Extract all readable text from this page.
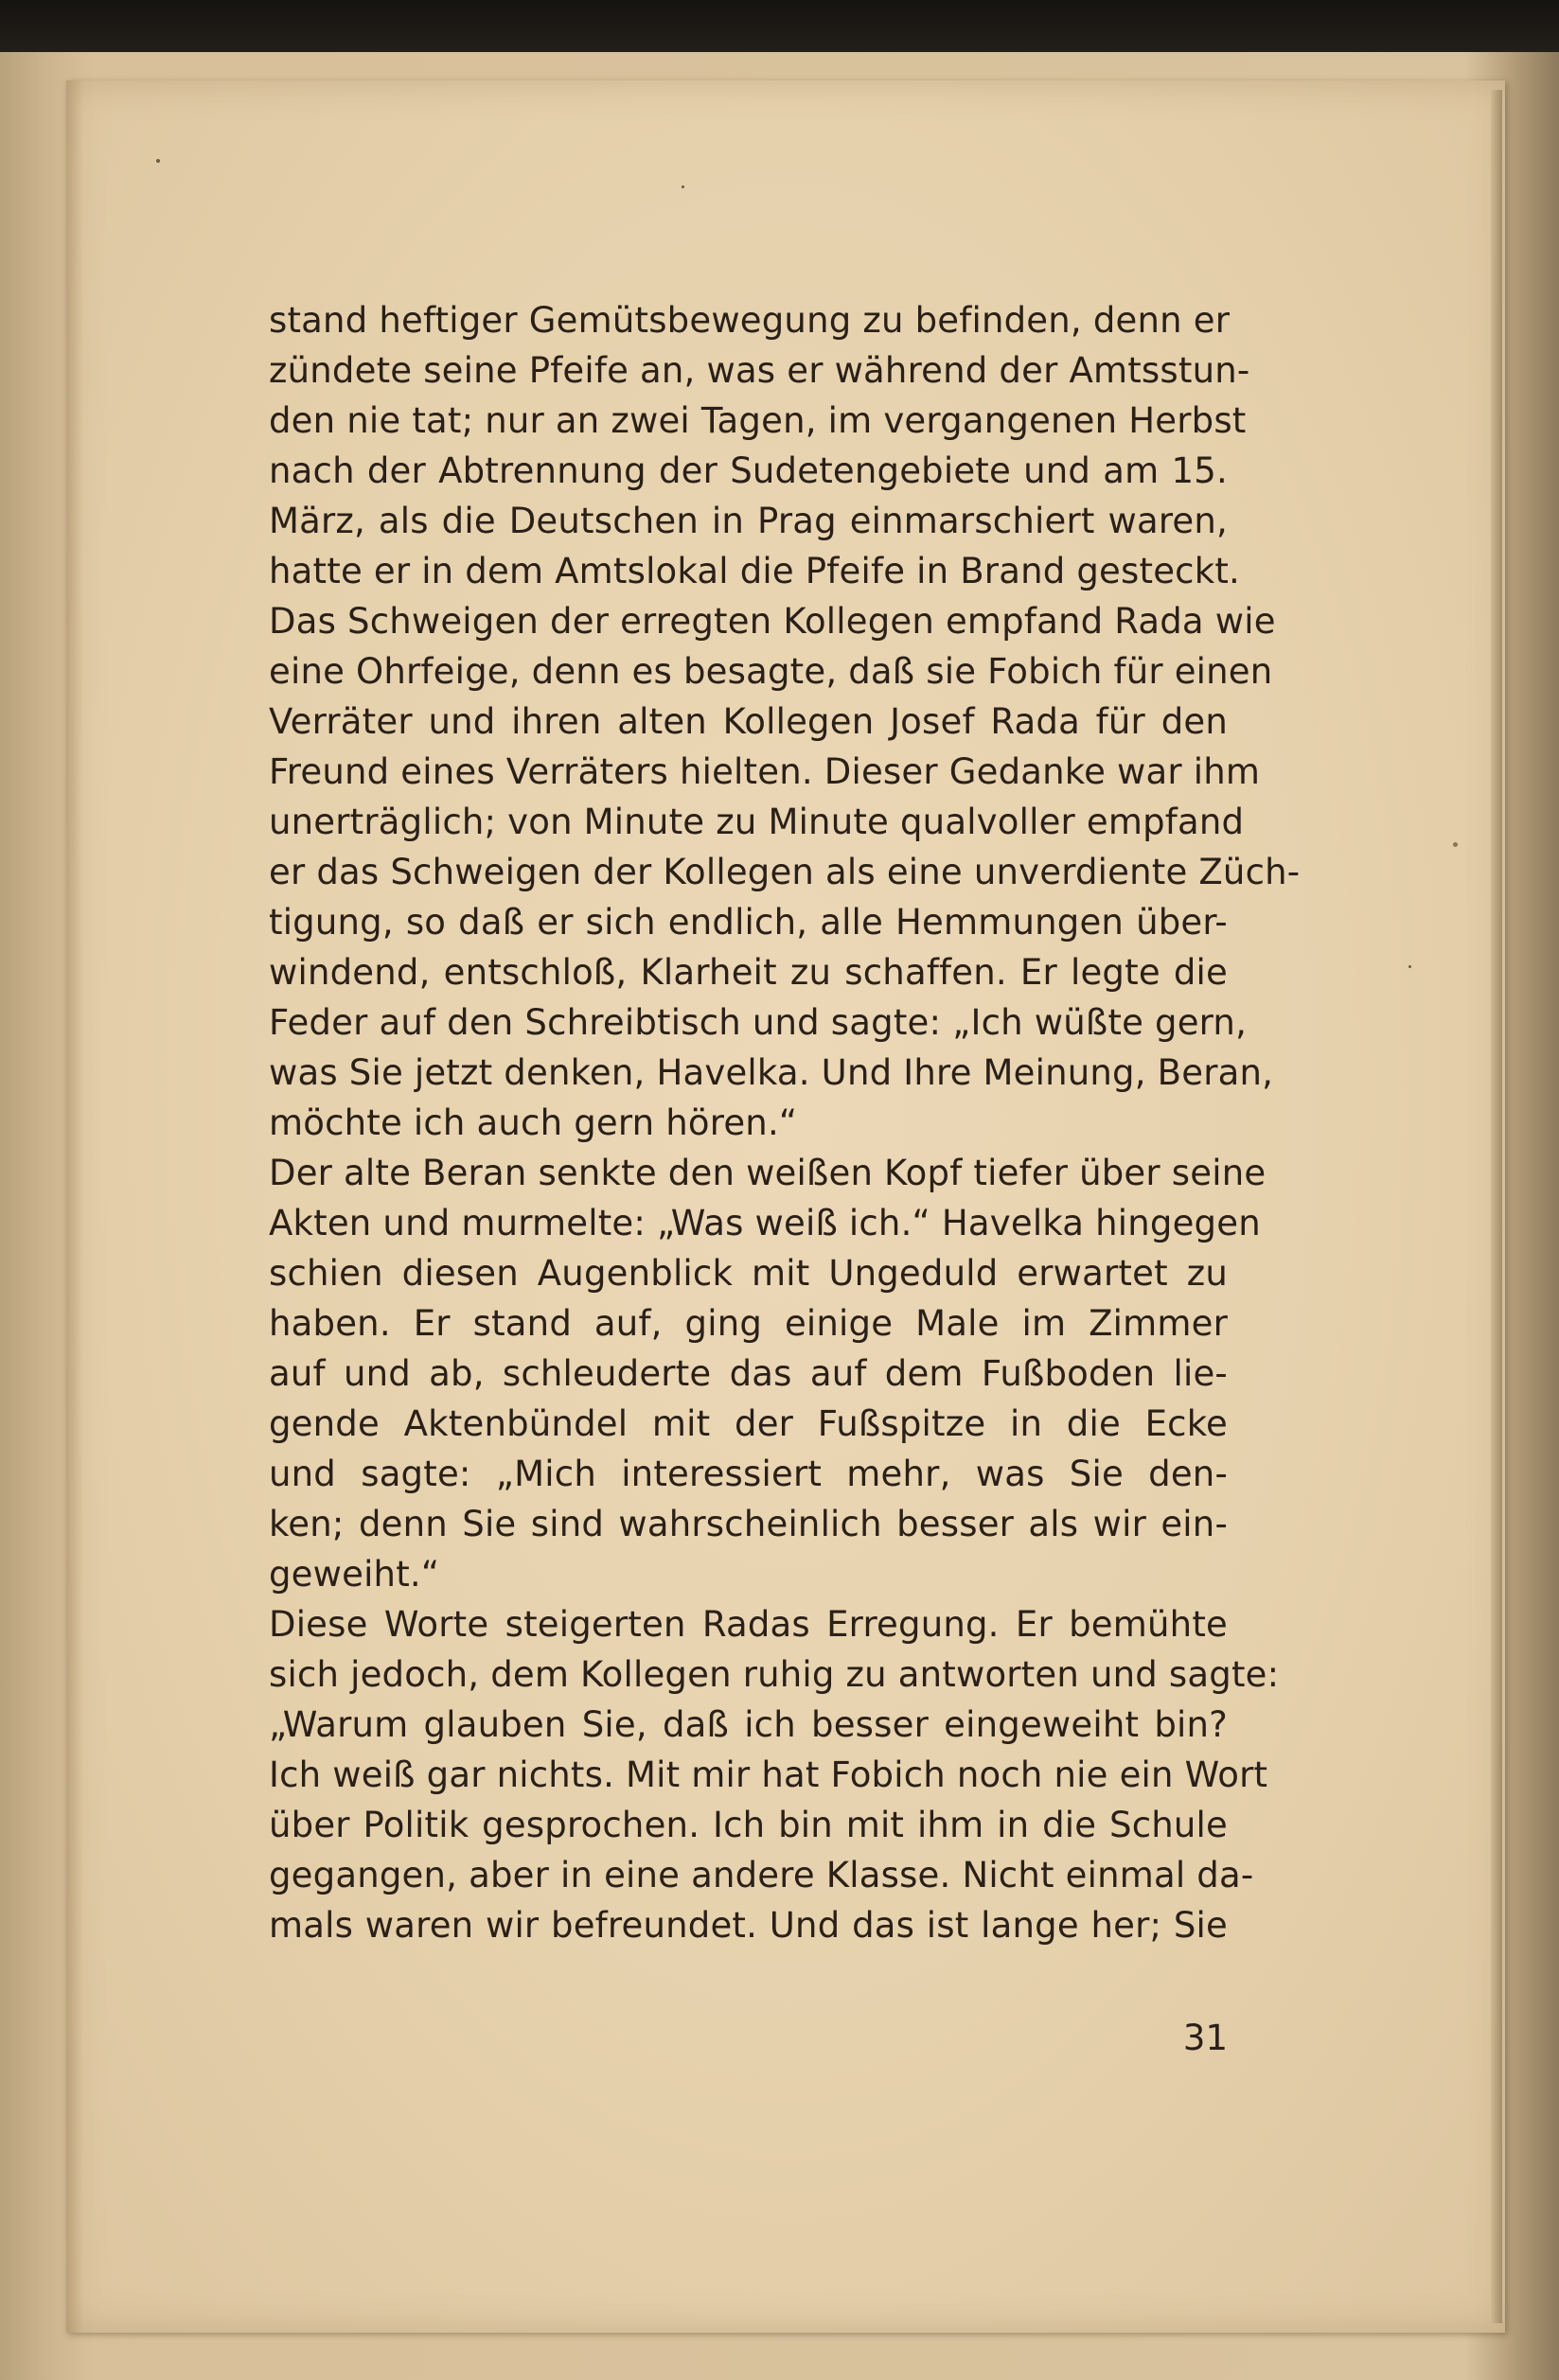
stand heftiger Gemütsbewegung zu befinden, denn er
zündete seine Pfeife an, was er während der Amtsstun-
den nie tat; nur an zwei Tagen, im vergangenen Herbst
nach der Abtrennung der Sudetengebiete und am 15.
März, als die Deutschen in Prag einmarschiert waren,
hatte er in dem Amtslokal die Pfeife in Brand gesteckt.
Das Schweigen der erregten Kollegen empfand Rada wie
eine Ohrfeige, denn es besagte, daß sie Fobich für einen
Verräter und ihren alten Kollegen Josef Rada für den
Freund eines Verräters hielten. Dieser Gedanke war ihm
unerträglich; von Minute zu Minute qualvoller empfand
er das Schweigen der Kollegen als eine unverdiente Züch-
tigung, so daß er sich endlich, alle Hemmungen über-
windend, entschloß, Klarheit zu schaffen. Er legte die
Feder auf den Schreibtisch und sagte: „Ich wüßte gern,
was Sie jetzt denken, Havelka. Und Ihre Meinung, Beran,
möchte ich auch gern hören.“
Der alte Beran senkte den weißen Kopf tiefer über seine
Akten und murmelte: „Was weiß ich.“ Havelka hingegen
schien diesen Augenblick mit Ungeduld erwartet zu
haben. Er stand auf, ging einige Male im Zimmer
auf und ab, schleuderte das auf dem Fußboden lie-
gende Aktenbündel mit der Fußspitze in die Ecke
und sagte: „Mich interessiert mehr, was Sie den-
ken; denn Sie sind wahrscheinlich besser als wir ein-
geweiht.“
Diese Worte steigerten Radas Erregung. Er bemühte
sich jedoch, dem Kollegen ruhig zu antworten und sagte:
„Warum glauben Sie, daß ich besser eingeweiht bin?
Ich weiß gar nichts. Mit mir hat Fobich noch nie ein Wort
über Politik gesprochen. Ich bin mit ihm in die Schule
gegangen, aber in eine andere Klasse. Nicht einmal da-
mals waren wir befreundet. Und das ist lange her; Sie
31
